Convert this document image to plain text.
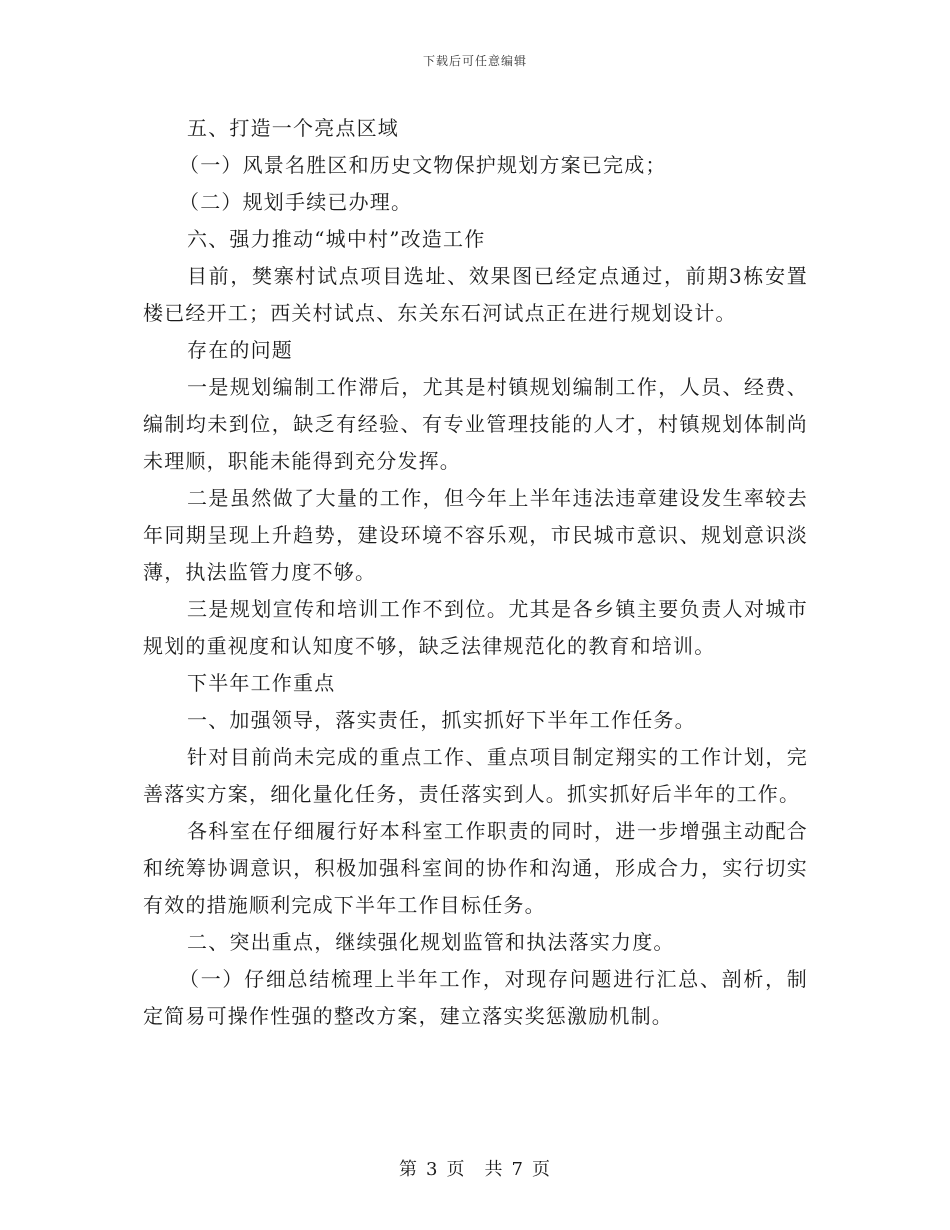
下载后可任意编辑

五、打造一个亮点区域

（一）风景名胜区和历史文物保护规划方案已完成；

（二）规划手续已办理。

六、强力推动“城中村”改造工作

目前，樊寨村试点项目选址、效果图已经定点通过，前期3栋安置楼已经开工；西关村试点、东关东石河试点正在进行规划设计。

存在的问题

一是规划编制工作滞后，尤其是村镇规划编制工作，人员、经费、编制均未到位，缺乏有经验、有专业管理技能的人才，村镇规划体制尚未理顺，职能未能得到充分发挥。

二是虽然做了大量的工作，但今年上半年违法违章建设发生率较去年同期呈现上升趋势，建设环境不容乐观，市民城市意识、规划意识淡薄，执法监管力度不够。

三是规划宣传和培训工作不到位。尤其是各乡镇主要负责人对城市规划的重视度和认知度不够，缺乏法律规范化的教育和培训。

下半年工作重点

一、加强领导，落实责任，抓实抓好下半年工作任务。

针对目前尚未完成的重点工作、重点项目制定翔实的工作计划，完善落实方案，细化量化任务，责任落实到人。抓实抓好后半年的工作。

各科室在仔细履行好本科室工作职责的同时，进一步增强主动配合和统筹协调意识，积极加强科室间的协作和沟通，形成合力，实行切实有效的措施顺利完成下半年工作目标任务。

二、突出重点，继续强化规划监管和执法落实力度。

（一）仔细总结梳理上半年工作，对现存问题进行汇总、剖析，制定简易可操作性强的整改方案，建立落实奖惩激励机制。

第 3 页　共 7 页
